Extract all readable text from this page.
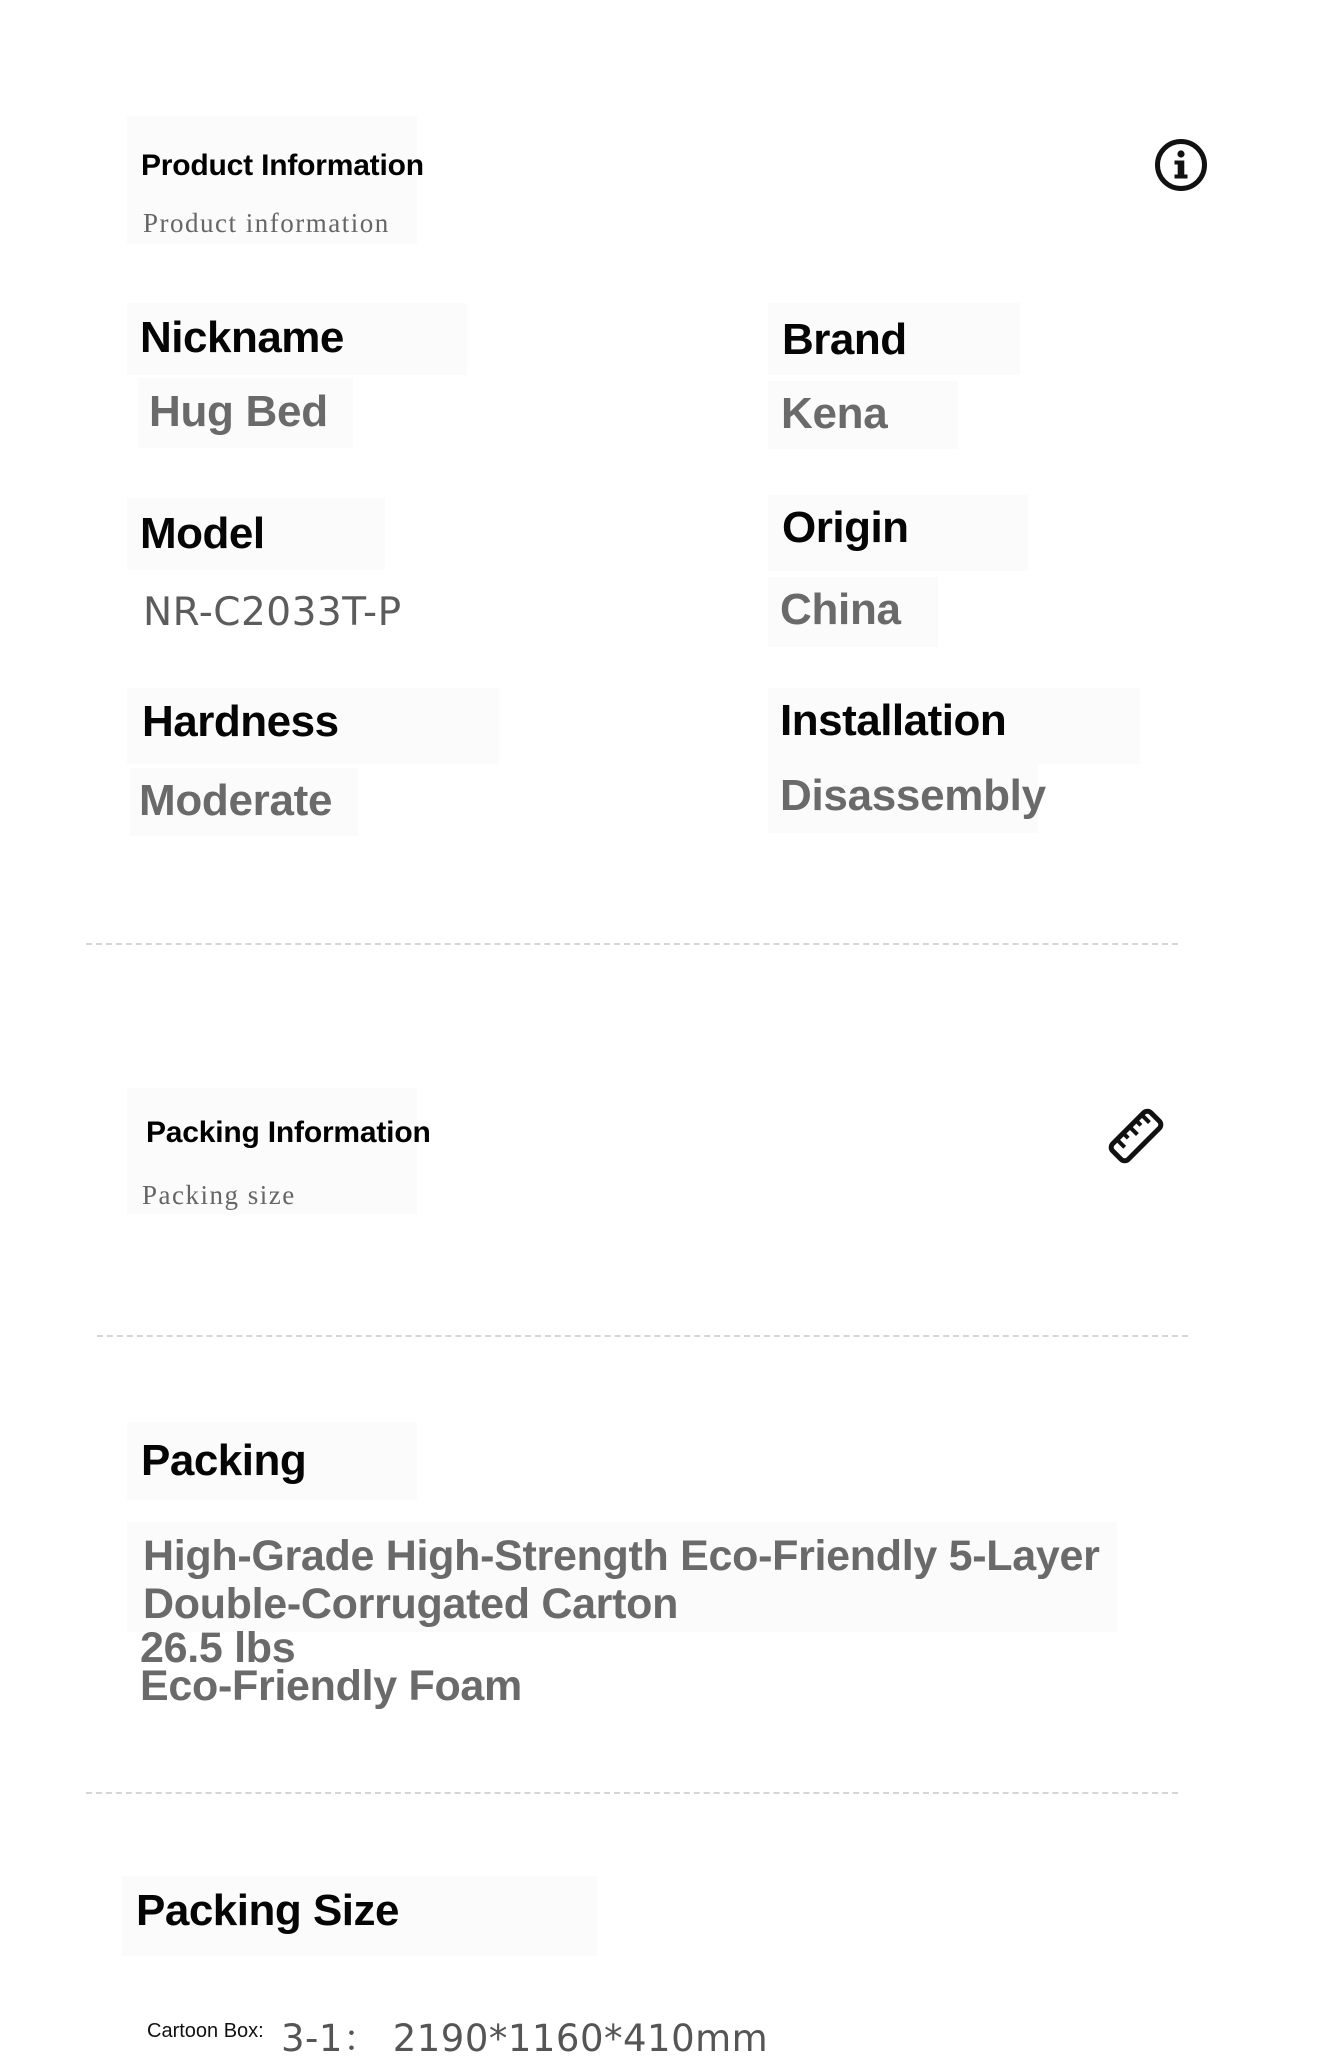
Product Information
Product information
Nickname
Hug Bed
Brand
Kena
Model
NR-C2033T-P
Origin
China
Hardness
Moderate
Installation
Disassembly
Packing Information
Packing size
Packing
High-Grade High-Strength Eco-Friendly 5-Layer
Double-Corrugated Carton
26.5 lbs
Eco-Friendly Foam
Packing Size
Cartoon Box: 3-1： 2190*1160*410mm
